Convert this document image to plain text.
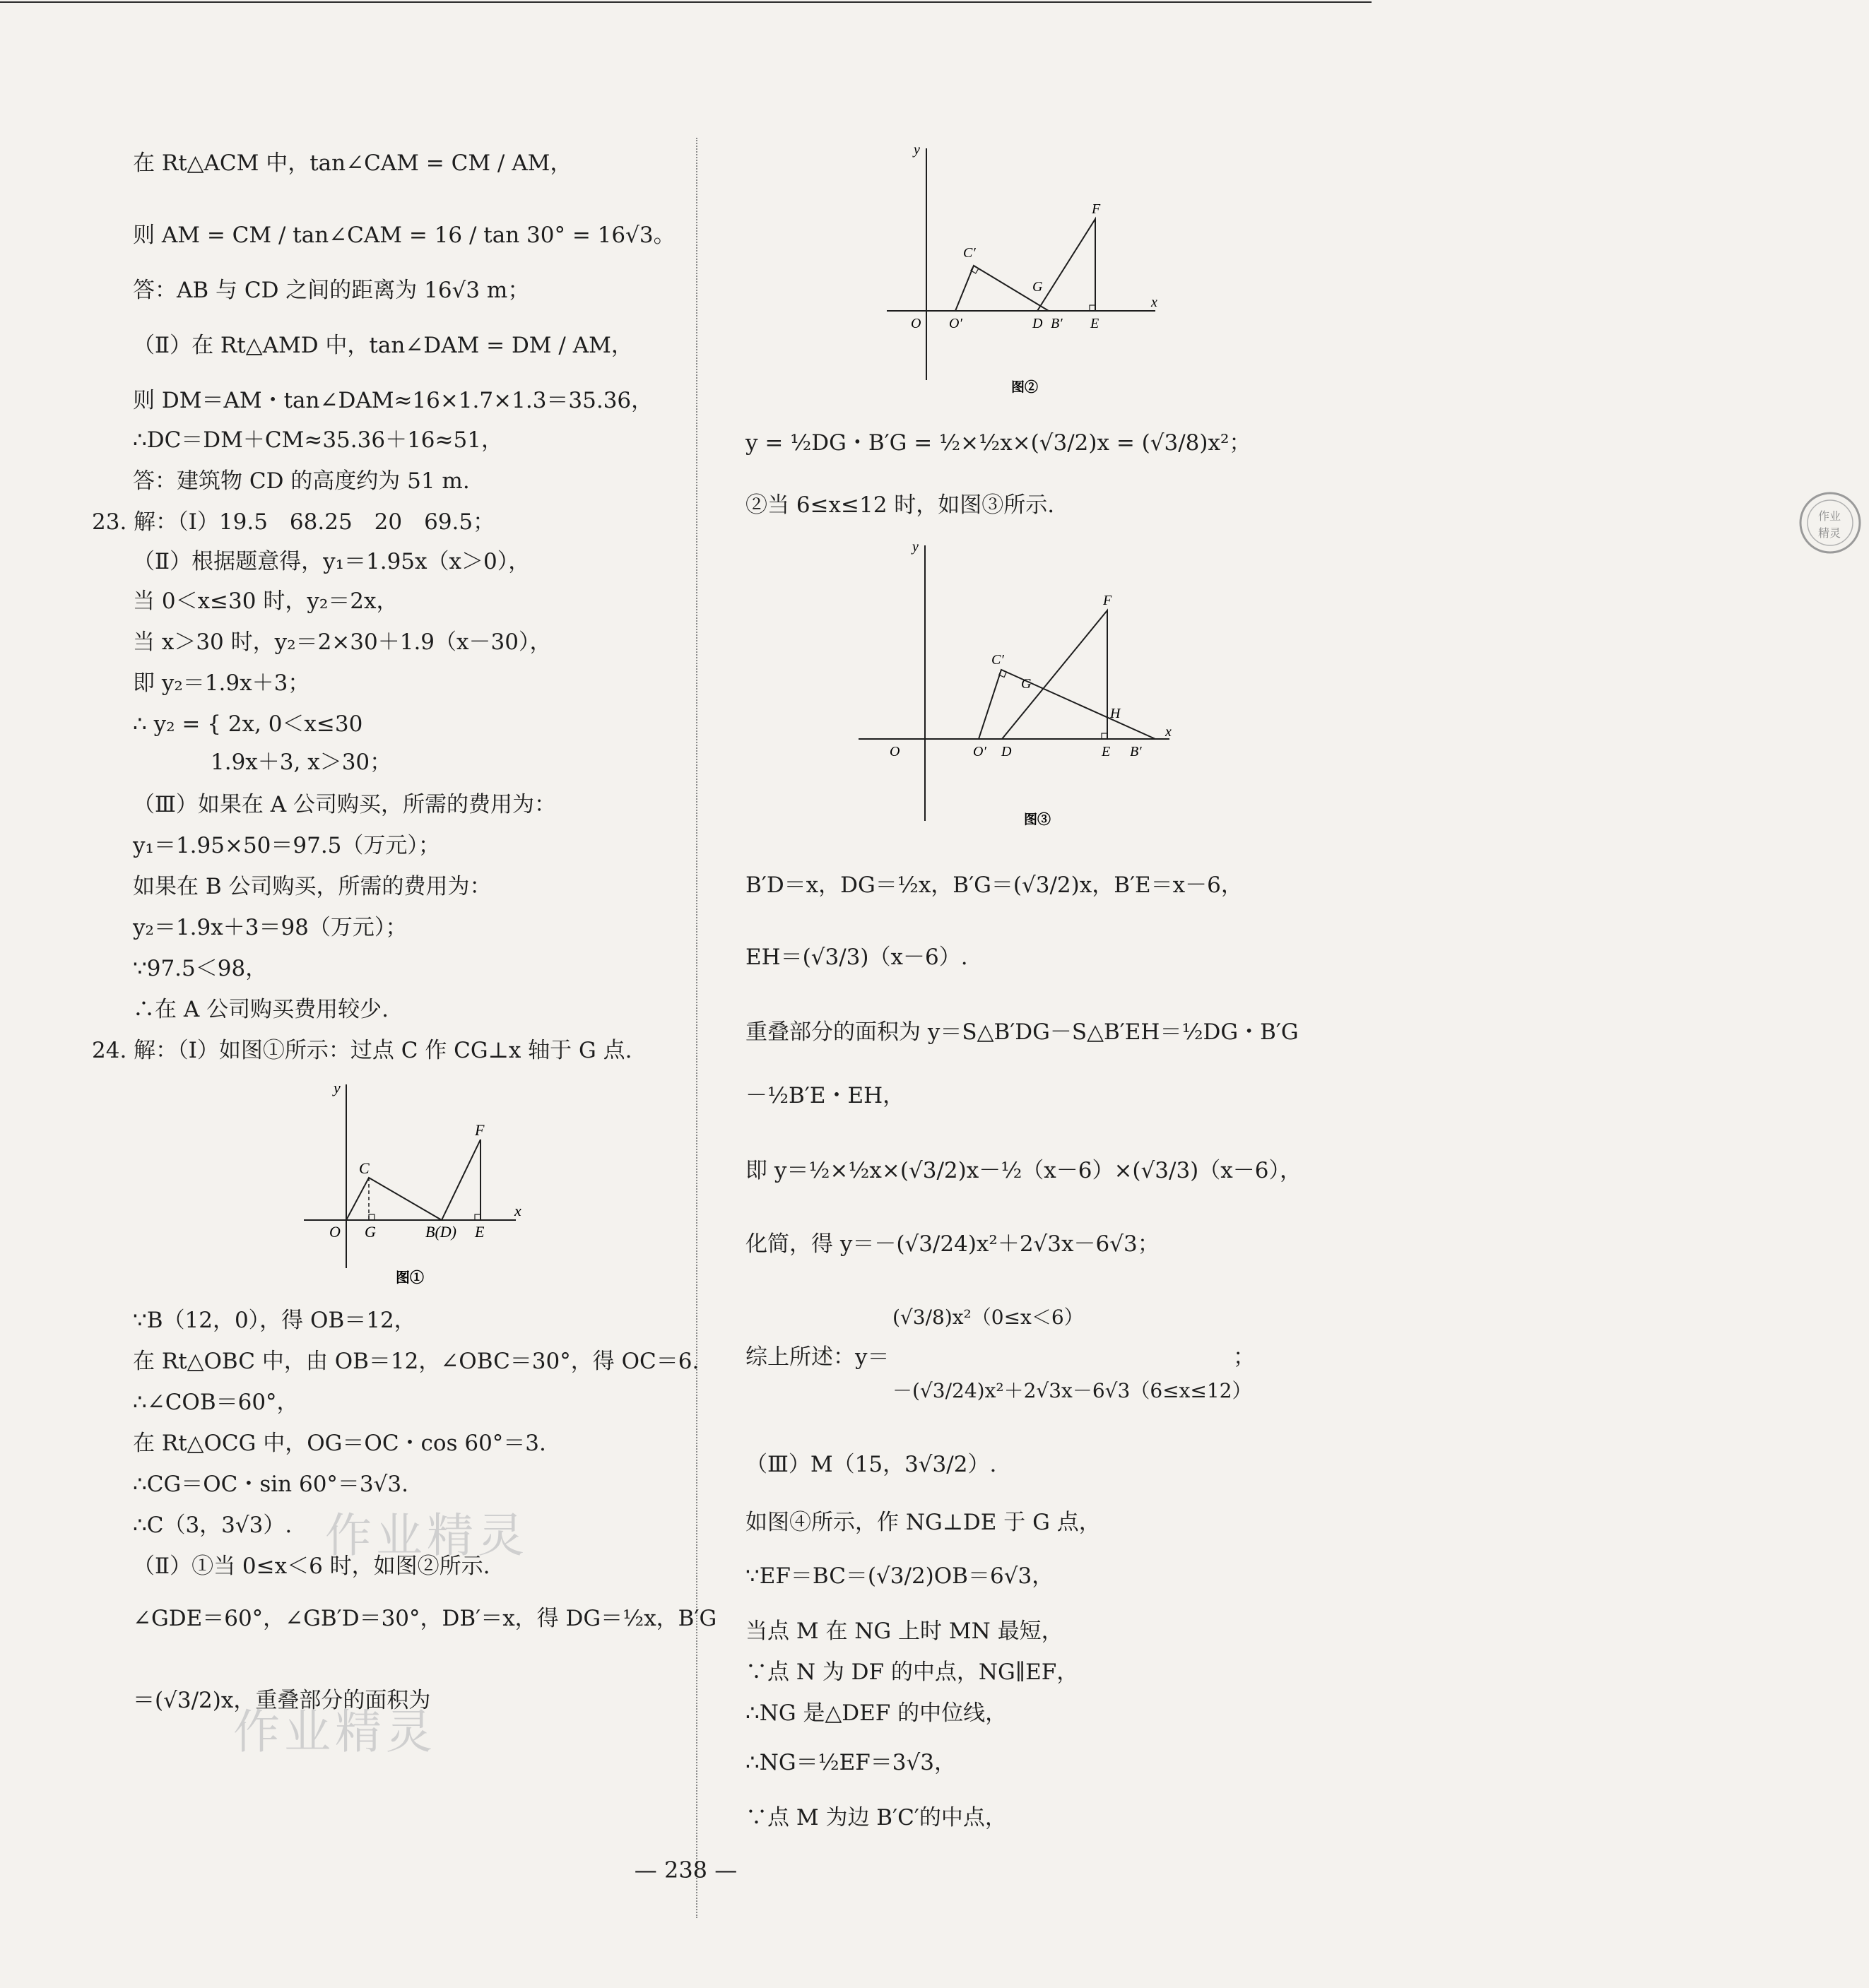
在 Rt△ACM 中，tan∠CAM = CM / AM，
则 AM = CM / tan∠CAM = 16 / tan 30° = 16√3。
答：AB 与 CD 之间的距离为 16√3 m；
（Ⅱ）在 Rt△AMD 中，tan∠DAM = DM / AM，
则 DM＝AM・tan∠DAM≈16×1.7×1.3＝35.36，
∴DC＝DM＋CM≈35.36＋16≈51，
答：建筑物 CD 的高度约为 51 m.
23. 解：（Ⅰ）19.5　68.25　20　69.5；
（Ⅱ）根据题意得，y₁＝1.95x（x＞0），
当 0＜x≤30 时，y₂＝2x，
当 x＞30 时，y₂＝2×30＋1.9（x－30），
即 y₂＝1.9x＋3；
∴ y₂ = { 2x, 0＜x≤30
1.9x＋3, x＞30；
（Ⅲ）如果在 A 公司购买，所需的费用为：
y₁＝1.95×50＝97.5（万元）；
如果在 B 公司购买，所需的费用为：
y₂＝1.9x＋3＝98（万元）；
∵97.5＜98，
∴在 A 公司购买费用较少.
24. 解：（Ⅰ）如图①所示：过点 C 作 CG⊥x 轴于 G 点.
y
x
O G
C
F
B(D) E
图①
∵B（12，0），得 OB＝12，
在 Rt△OBC 中，由 OB＝12，∠OBC＝30°，得 OC＝6.
∴∠COB＝60°，
在 Rt△OCG 中，OG＝OC・cos 60°＝3.
∴CG＝OC・sin 60°＝3√3.
∴C（3，3√3）.
（Ⅱ）①当 0≤x＜6 时，如图②所示.
∠GDE＝60°，∠GB′D＝30°，DB′＝x，得 DG＝½x，B′G
＝(√3/2)x，重叠部分的面积为
作业精灵
作业精灵
y
x
O O′
C′
G
F
D B′ E
图②
y = ½DG・B′G = ½×½x×(√3/2)x = (√3/8)x²；
②当 6≤x≤12 时，如图③所示.	作业
精灵
y
x
O	O′ D
C′
G
F
H
E B′
图③
B′D＝x，DG＝½x，B′G＝(√3/2)x，B′E＝x－6，
EH＝(√3/3)（x－6）.
重叠部分的面积为 y＝S△B′DG－S△B′EH＝½DG・B′G
－½B′E・EH，
即 y＝½×½x×(√3/2)x－½（x－6）×(√3/3)（x－6），
化简，得 y＝－(√3/24)x²＋2√3x－6√3；
综上所述：y＝
(√3/8)x²（0≤x＜6）
－(√3/24)x²＋2√3x－6√3（6≤x≤12）
；
（Ⅲ）M（15，3√3/2）.
如图④所示，作 NG⊥DE 于 G 点，
∵EF＝BC＝(√3/2)OB＝6√3，
当点 M 在 NG 上时 MN 最短，
∵点 N 为 DF 的中点，NG∥EF，
∴NG 是△DEF 的中位线，
∴NG＝½EF＝3√3，
∵点 M 为边 B′C′的中点，
— 238 —
